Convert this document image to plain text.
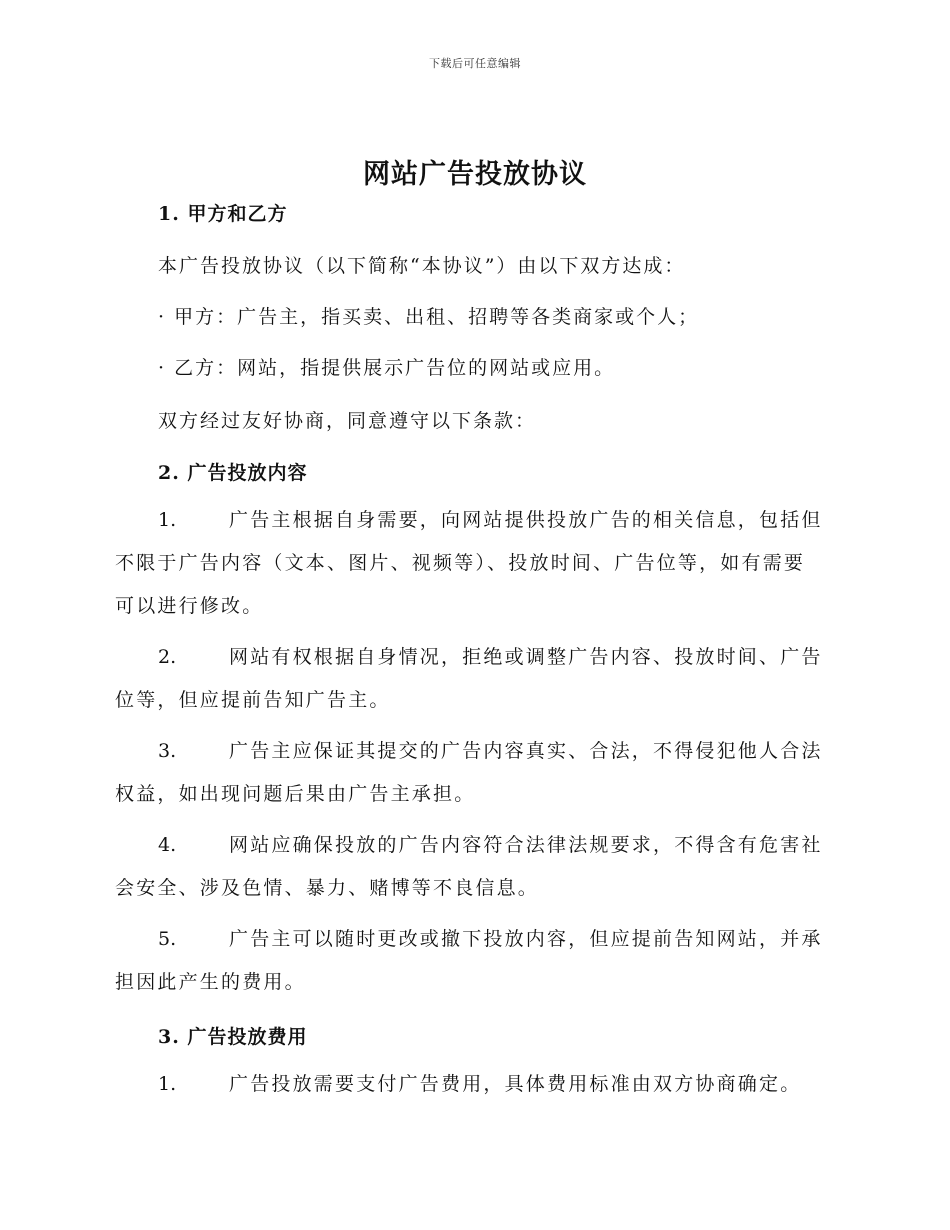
下载后可任意编辑
网站广告投放协议
1. 甲方和乙方
本广告投放协议（以下简称“本协议”）由以下双方达成：
· 甲方：广告主，指买卖、出租、招聘等各类商家或个人；
· 乙方：网站，指提供展示广告位的网站或应用。
双方经过友好协商，同意遵守以下条款：
2. 广告投放内容
1.	广告主根据自身需要，向网站提供投放广告的相关信息，包括但
不限于广告内容（文本、图片、视频等）、投放时间、广告位等，如有需要
可以进行修改。
2.	网站有权根据自身情况，拒绝或调整广告内容、投放时间、广告
位等，但应提前告知广告主。
3.	广告主应保证其提交的广告内容真实、合法，不得侵犯他人合法
权益，如出现问题后果由广告主承担。
4.	网站应确保投放的广告内容符合法律法规要求，不得含有危害社
会安全、涉及色情、暴力、赌博等不良信息。
5.	广告主可以随时更改或撤下投放内容，但应提前告知网站，并承
担因此产生的费用。
3. 广告投放费用
1.	广告投放需要支付广告费用，具体费用标准由双方协商确定。
